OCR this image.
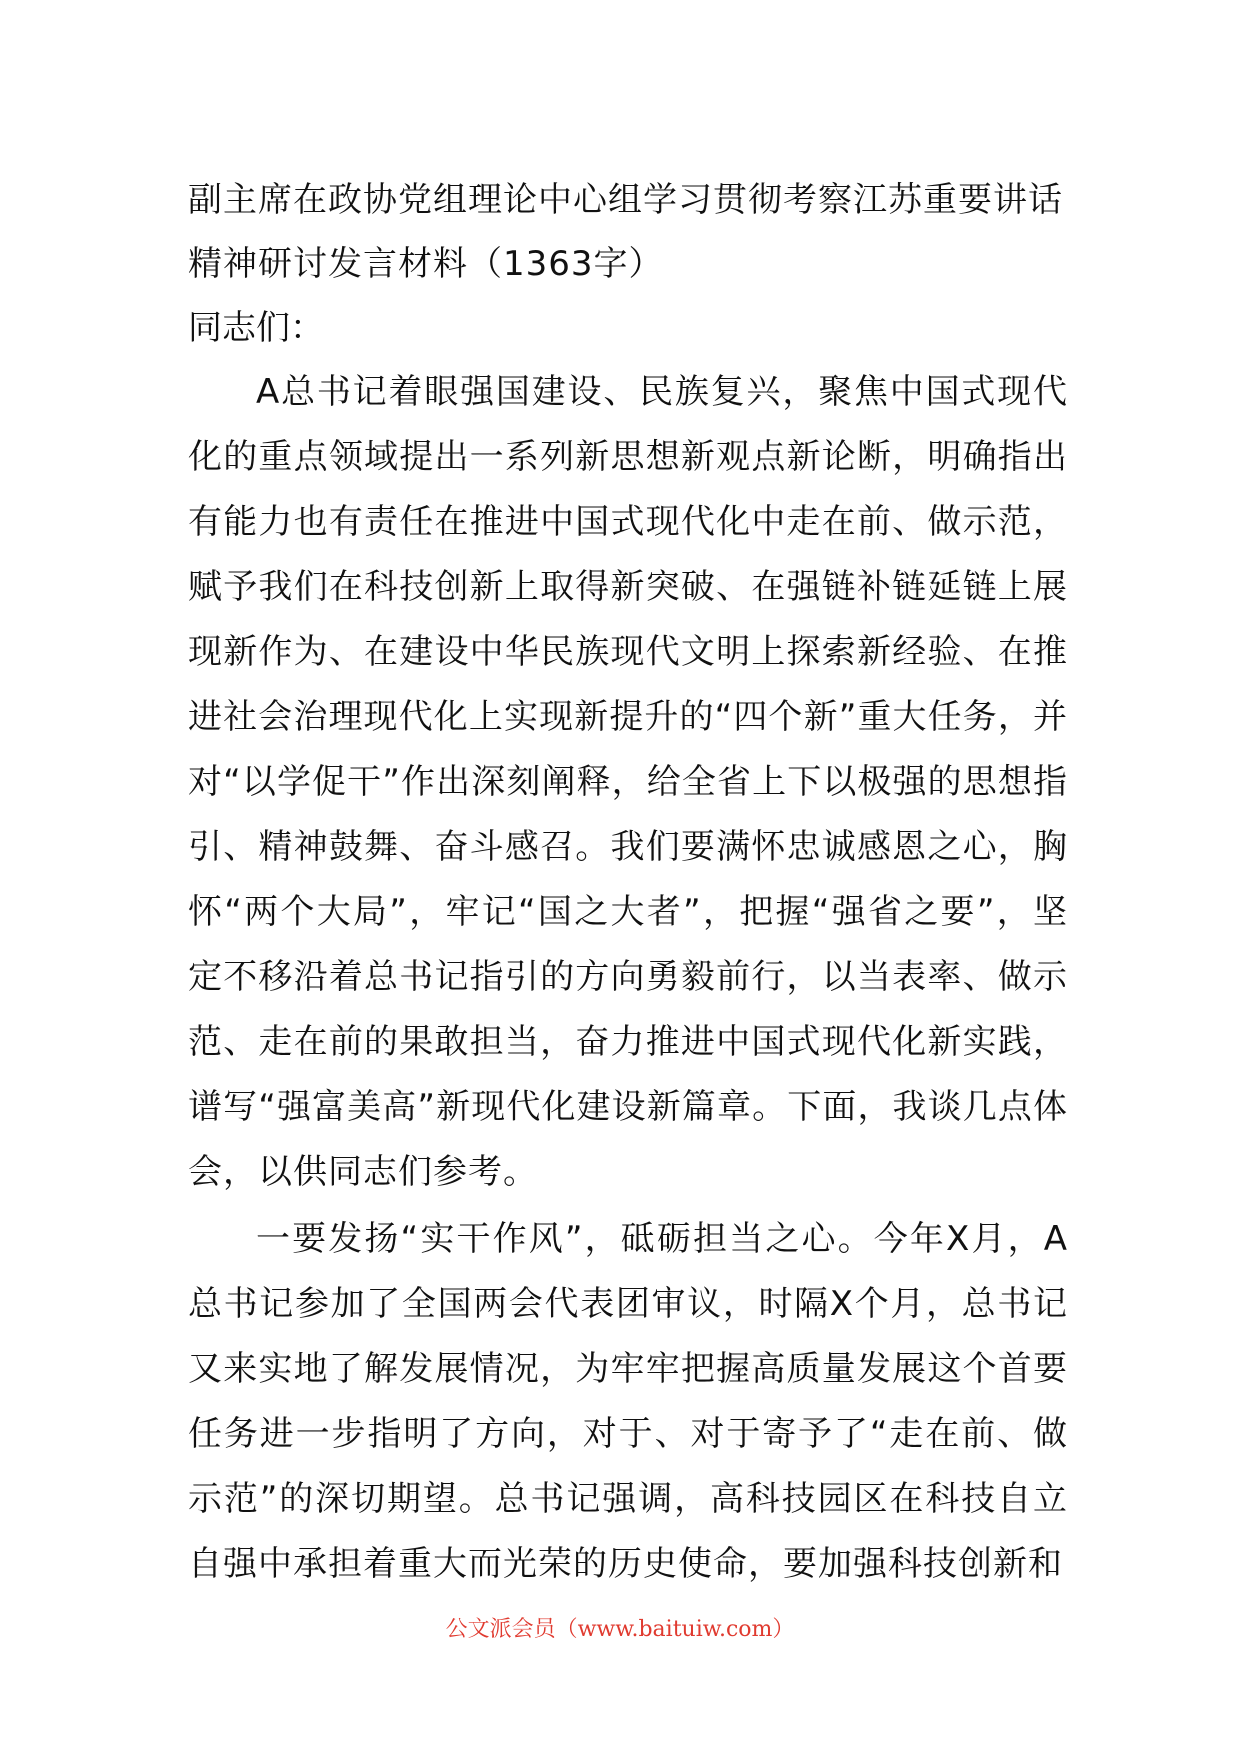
副主席在政协党组理论中心组学习贯彻考察江苏重要讲话精神研讨发言材料（1363字）

同志们：

A总书记着眼强国建设、民族复兴，聚焦中国式现代化的重点领域提出一系列新思想新观点新论断，明确指出有能力也有责任在推进中国式现代化中走在前、做示范，赋予我们在科技创新上取得新突破、在强链补链延链上展现新作为、在建设中华民族现代文明上探索新经验、在推进社会治理现代化上实现新提升的“四个新”重大任务，并对“以学促干”作出深刻阐释，给全省上下以极强的思想指引、精神鼓舞、奋斗感召。我们要满怀忠诚感恩之心，胸怀“两个大局”，牢记“国之大者”，把握“强省之要”，坚定不移沿着总书记指引的方向勇毅前行，以当表率、做示范、走在前的果敢担当，奋力推进中国式现代化新实践，谱写“强富美高”新现代化建设新篇章。下面，我谈几点体会，以供同志们参考。

一要发扬“实干作风”，砥砺担当之心。今年X月，A总书记参加了全国两会代表团审议，时隔X个月，总书记又来实地了解发展情况，为牢牢把握高质量发展这个首要任务进一步指明了方向，对于、对于寄予了“走在前、做示范”的深切期望。总书记强调，高科技园区在科技自立自强中承担着重大而光荣的历史使命，要加强科技创新和

公文派会员（www.baituiw.com）
